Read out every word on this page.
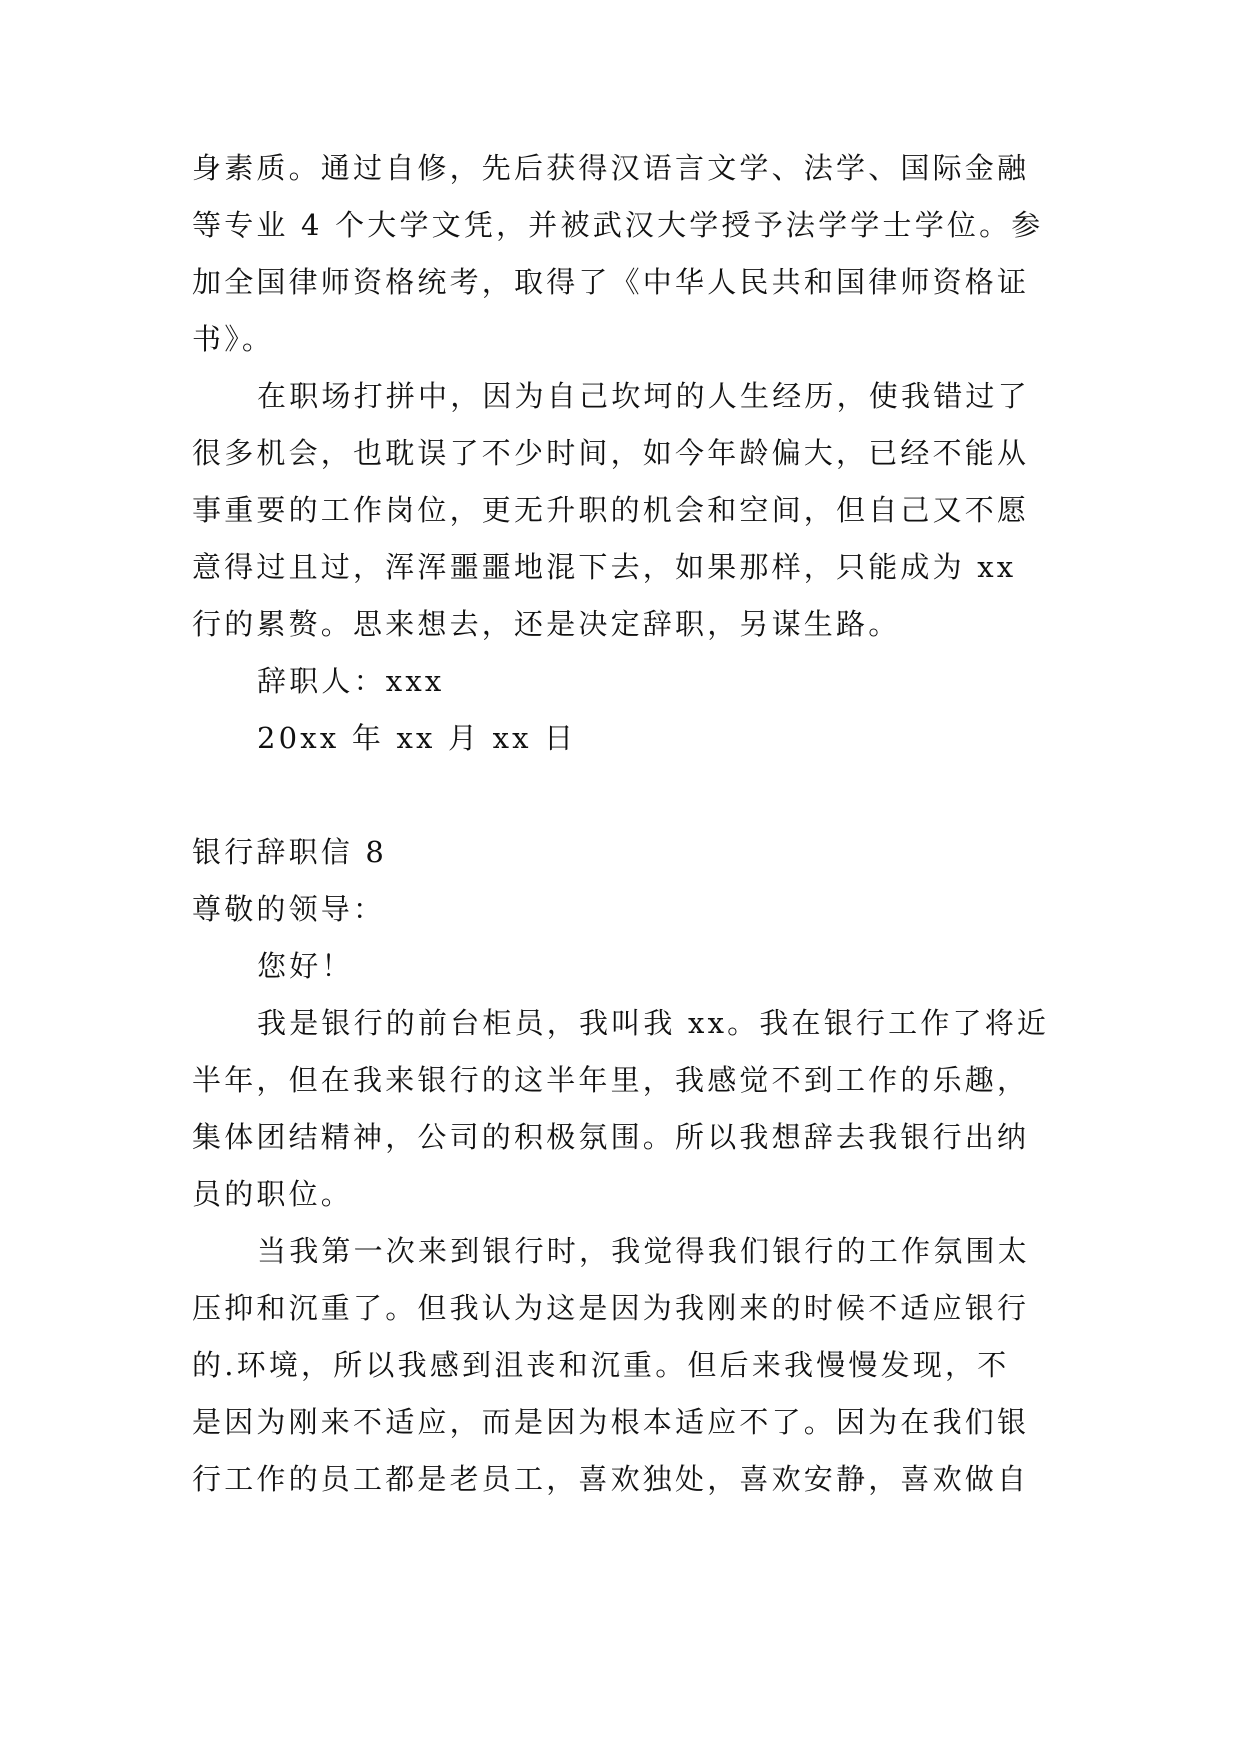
身素质。通过自修，先后获得汉语言文学、法学、国际金融
等专业 4 个大学文凭，并被武汉大学授予法学学士学位。参
加全国律师资格统考，取得了《中华人民共和国律师资格证
书》。
在职场打拼中，因为自己坎坷的人生经历，使我错过了
很多机会，也耽误了不少时间，如今年龄偏大，已经不能从
事重要的工作岗位，更无升职的机会和空间，但自己又不愿
意得过且过，浑浑噩噩地混下去，如果那样，只能成为 xx
行的累赘。思来想去，还是决定辞职，另谋生路。
辞职人：xxx
20xx 年 xx 月 xx 日
银行辞职信 8
尊敬的领导：
您好！
我是银行的前台柜员，我叫我 xx。我在银行工作了将近
半年，但在我来银行的这半年里，我感觉不到工作的乐趣，
集体团结精神，公司的积极氛围。所以我想辞去我银行出纳
员的职位。
当我第一次来到银行时，我觉得我们银行的工作氛围太
压抑和沉重了。但我认为这是因为我刚来的时候不适应银行
的.环境，所以我感到沮丧和沉重。但后来我慢慢发现，不
是因为刚来不适应，而是因为根本适应不了。因为在我们银
行工作的员工都是老员工，喜欢独处，喜欢安静，喜欢做自
